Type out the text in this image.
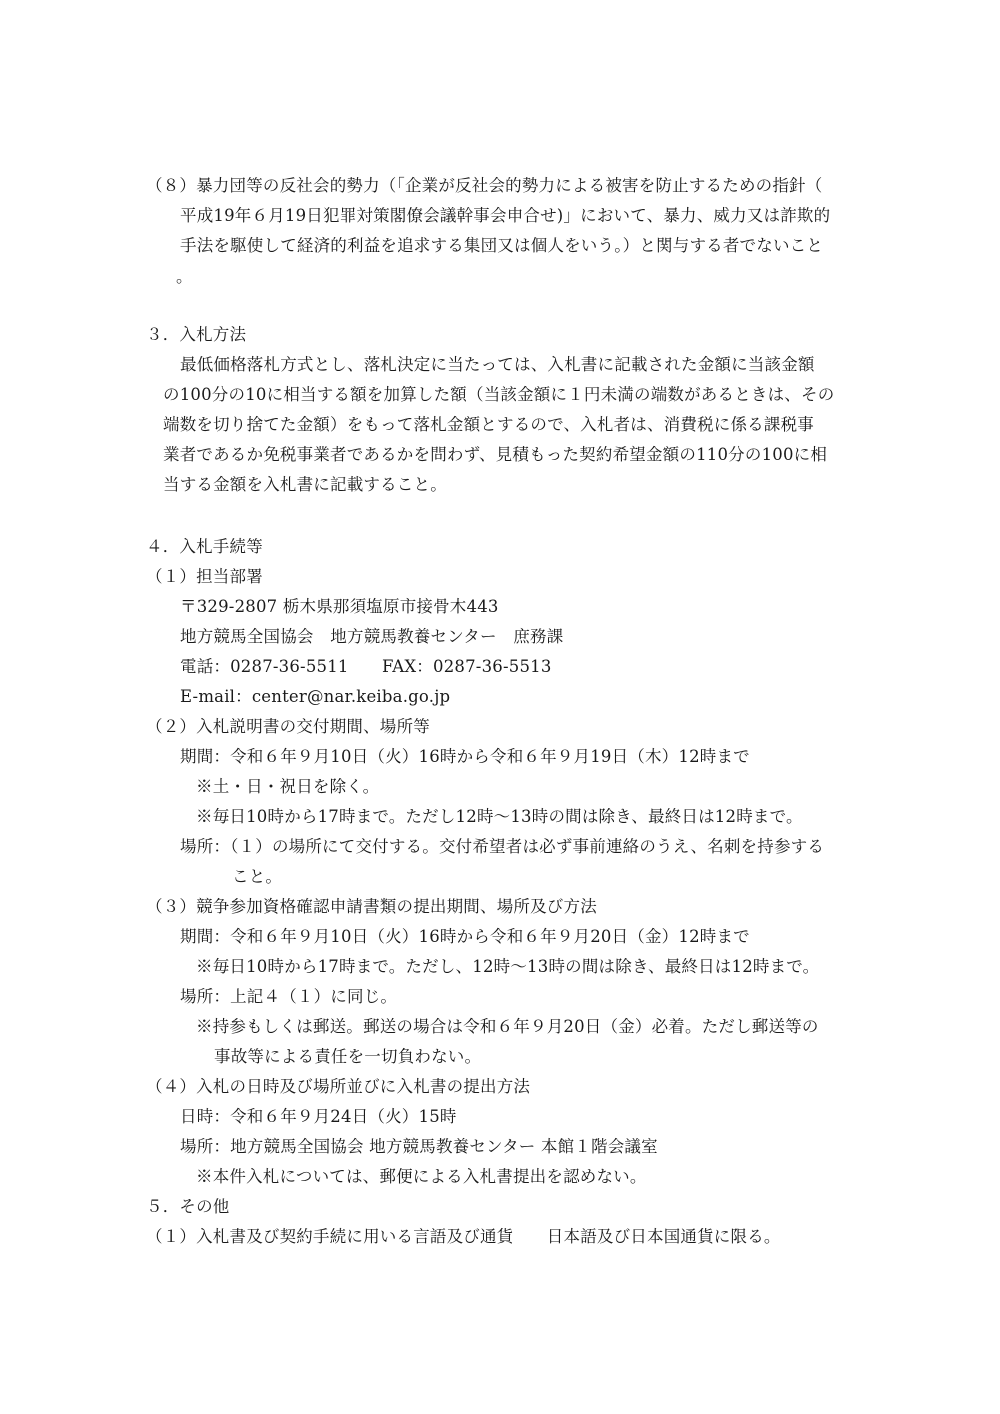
（８）暴力団等の反社会的勢力（「企業が反社会的勢力による被害を防止するための指針（
平成19年６月19日犯罪対策閣僚会議幹事会申合せ)」において、暴力、威力又は詐欺的
手法を駆使して経済的利益を追求する集団又は個人をいう。）と関与する者でないこと
。
３．入札方法
最低価格落札方式とし、落札決定に当たっては、入札書に記載された金額に当該金額
の100分の10に相当する額を加算した額（当該金額に１円未満の端数があるときは、その
端数を切り捨てた金額）をもって落札金額とするので、入札者は、消費税に係る課税事
業者であるか免税事業者であるかを問わず、見積もった契約希望金額の110分の100に相
当する金額を入札書に記載すること。
４．入札手続等
（１）担当部署
〒329-2807 栃木県那須塩原市接骨木443
地方競馬全国協会　地方競馬教養センター　庶務課
電話：0287-36-5511　　FAX：0287-36-5513
E-mail：center@nar.keiba.go.jp
（２）入札説明書の交付期間、場所等
期間：令和６年９月10日（火）16時から令和６年９月19日（木）12時まで
※土・日・祝日を除く。
※毎日10時から17時まで。ただし12時～13時の間は除き、最終日は12時まで。
場所：（１）の場所にて交付する。交付希望者は必ず事前連絡のうえ、名刺を持参する
こと。
（３）競争参加資格確認申請書類の提出期間、場所及び方法
期間：令和６年９月10日（火）16時から令和６年９月20日（金）12時まで
※毎日10時から17時まで。ただし、12時～13時の間は除き、最終日は12時まで。
場所：上記４（１）に同じ。
※持参もしくは郵送。郵送の場合は令和６年９月20日（金）必着。ただし郵送等の
事故等による責任を一切負わない。
（４）入札の日時及び場所並びに入札書の提出方法
日時：令和６年９月24日（火）15時
場所：地方競馬全国協会 地方競馬教養センター 本館１階会議室
※本件入札については、郵便による入札書提出を認めない。
５．その他
（１）入札書及び契約手続に用いる言語及び通貨　　日本語及び日本国通貨に限る。
